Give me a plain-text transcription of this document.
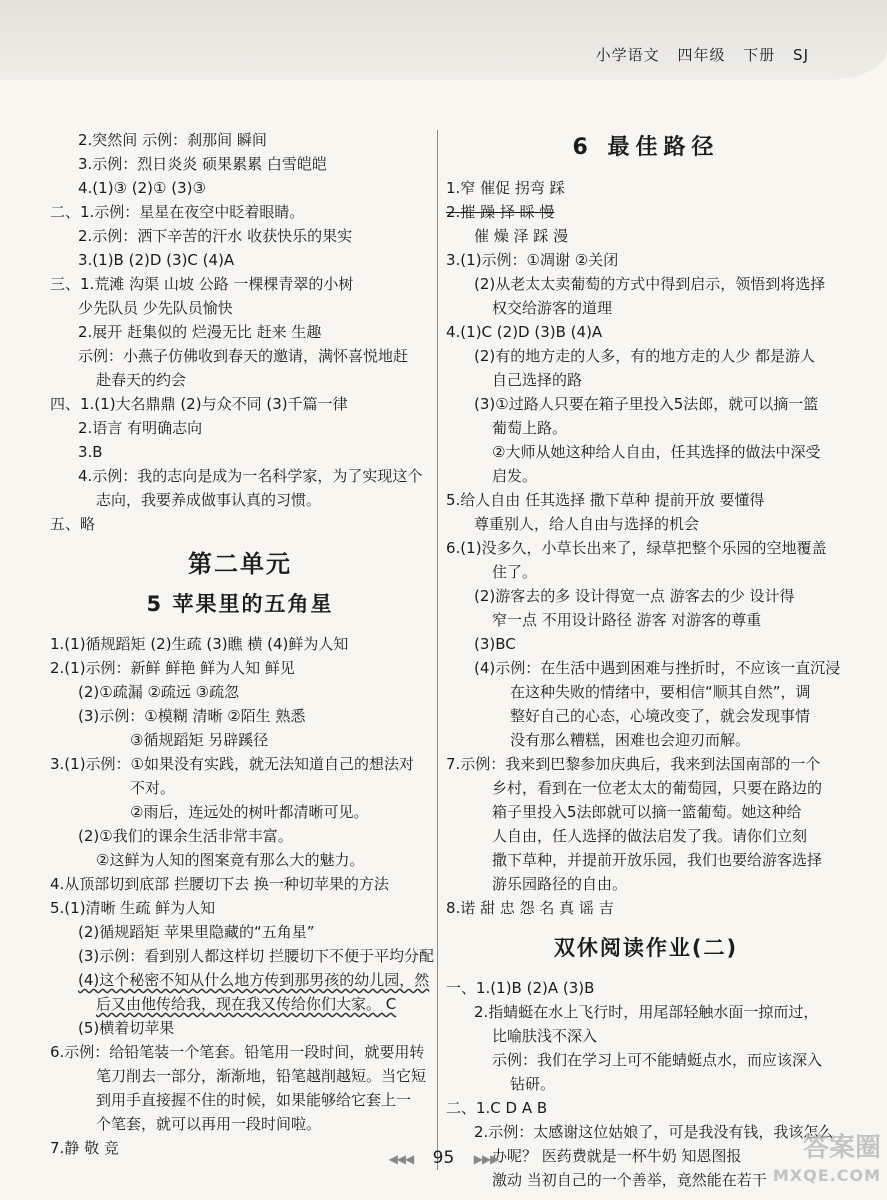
小学语文 四年级 下册 SJ
2.突然间 示例：刹那间 瞬间
3.示例：烈日炎炎 硕果累累 白雪皑皑
4.(1)③ (2)① (3)③
二、1.示例：星星在夜空中眨着眼睛。
2.示例：洒下辛苦的汗水 收获快乐的果实
3.(1)B (2)D (3)C (4)A
三、1.荒滩 沟渠 山坡 公路 一棵棵青翠的小树
少先队员 少先队员愉快
2.展开 赶集似的 烂漫无比 赶来 生趣
示例：小燕子仿佛收到春天的邀请，满怀喜悦地赶
赴春天的约会
四、1.(1)大名鼎鼎 (2)与众不同 (3)千篇一律
2.语言 有明确志向
3.B
4.示例：我的志向是成为一名科学家，为了实现这个
志向，我要养成做事认真的习惯。
五、略
第二单元
5 苹果里的五角星
1.(1)循规蹈矩 (2)生疏 (3)瞧 横 (4)鲜为人知
2.(1)示例：新鲜 鲜艳 鲜为人知 鲜见
(2)①疏漏 ②疏远 ③疏忽
(3)示例：①模糊 清晰 ②陌生 熟悉
③循规蹈矩 另辟蹊径
3.(1)示例：①如果没有实践，就无法知道自己的想法对
不对。
②雨后，连远处的树叶都清晰可见。
(2)①我们的课余生活非常丰富。
②这鲜为人知的图案竟有那么大的魅力。
4.从顶部切到底部 拦腰切下去 换一种切苹果的方法
5.(1)清晰 生疏 鲜为人知
(2)循规蹈矩 苹果里隐藏的“五角星”
(3)示例：看到别人都这样切 拦腰切下不便于平均分配
(4)这个秘密不知从什么地方传到那男孩的幼儿园，然
后又由他传给我，现在我又传给你们大家。 C
(5)横着切苹果
6.示例：给铅笔装一个笔套。铅笔用一段时间，就要用转
笔刀削去一部分，渐渐地，铅笔越削越短。当它短
到用手直接握不住的时候，如果能够给它套上一
个笔套，就可以再用一段时间啦。
7.静 敬 竞
6 最佳路径
1.窄 催促 拐弯 踩
2.摧 躁 择 睬 慢
催 燥 泽 踩 漫
3.(1)示例：①凋谢 ②关闭
(2)从老太太卖葡萄的方式中得到启示，领悟到将选择
权交给游客的道理
4.(1)C (2)D (3)B (4)A
(2)有的地方走的人多，有的地方走的人少 都是游人
自己选择的路
(3)①过路人只要在箱子里投入5法郎，就可以摘一篮
葡萄上路。
②大师从她这种给人自由，任其选择的做法中深受
启发。
5.给人自由 任其选择 撒下草种 提前开放 要懂得
尊重别人，给人自由与选择的机会
6.(1)没多久，小草长出来了，绿草把整个乐园的空地覆盖
住了。
(2)游客去的多 设计得宽一点 游客去的少 设计得
窄一点 不用设计路径 游客 对游客的尊重
(3)BC
(4)示例：在生活中遇到困难与挫折时，不应该一直沉浸
在这种失败的情绪中，要相信“顺其自然”，调
整好自己的心态，心境改变了，就会发现事情
没有那么糟糕，困难也会迎刃而解。
7.示例：我来到巴黎参加庆典后，我来到法国南部的一个
乡村，看到在一位老太太的葡萄园，只要在路边的
箱子里投入5法郎就可以摘一篮葡萄。她这种给
人自由，任人选择的做法启发了我。请你们立刻
撒下草种，并提前开放乐园，我们也要给游客选择
游乐园路径的自由。
8.诺 甜 忠 怨 名 真 谣 吉
双休阅读作业(二)
一、1.(1)B (2)A (3)B
2.指蜻蜓在水上飞行时，用尾部轻触水面一掠而过，
比喻肤浅不深入
示例：我们在学习上可不能蜻蜓点水，而应该深入
钻研。
二、1.C D A B
2.示例：太感谢这位姑娘了，可是我没有钱，我该怎么
办呢？ 医药费就是一杯牛奶 知恩图报
激动 当初自己的一个善举，竟然能在若干
◀◀◀ 95 ▶▶▶	答案圈
MXQE.COM
